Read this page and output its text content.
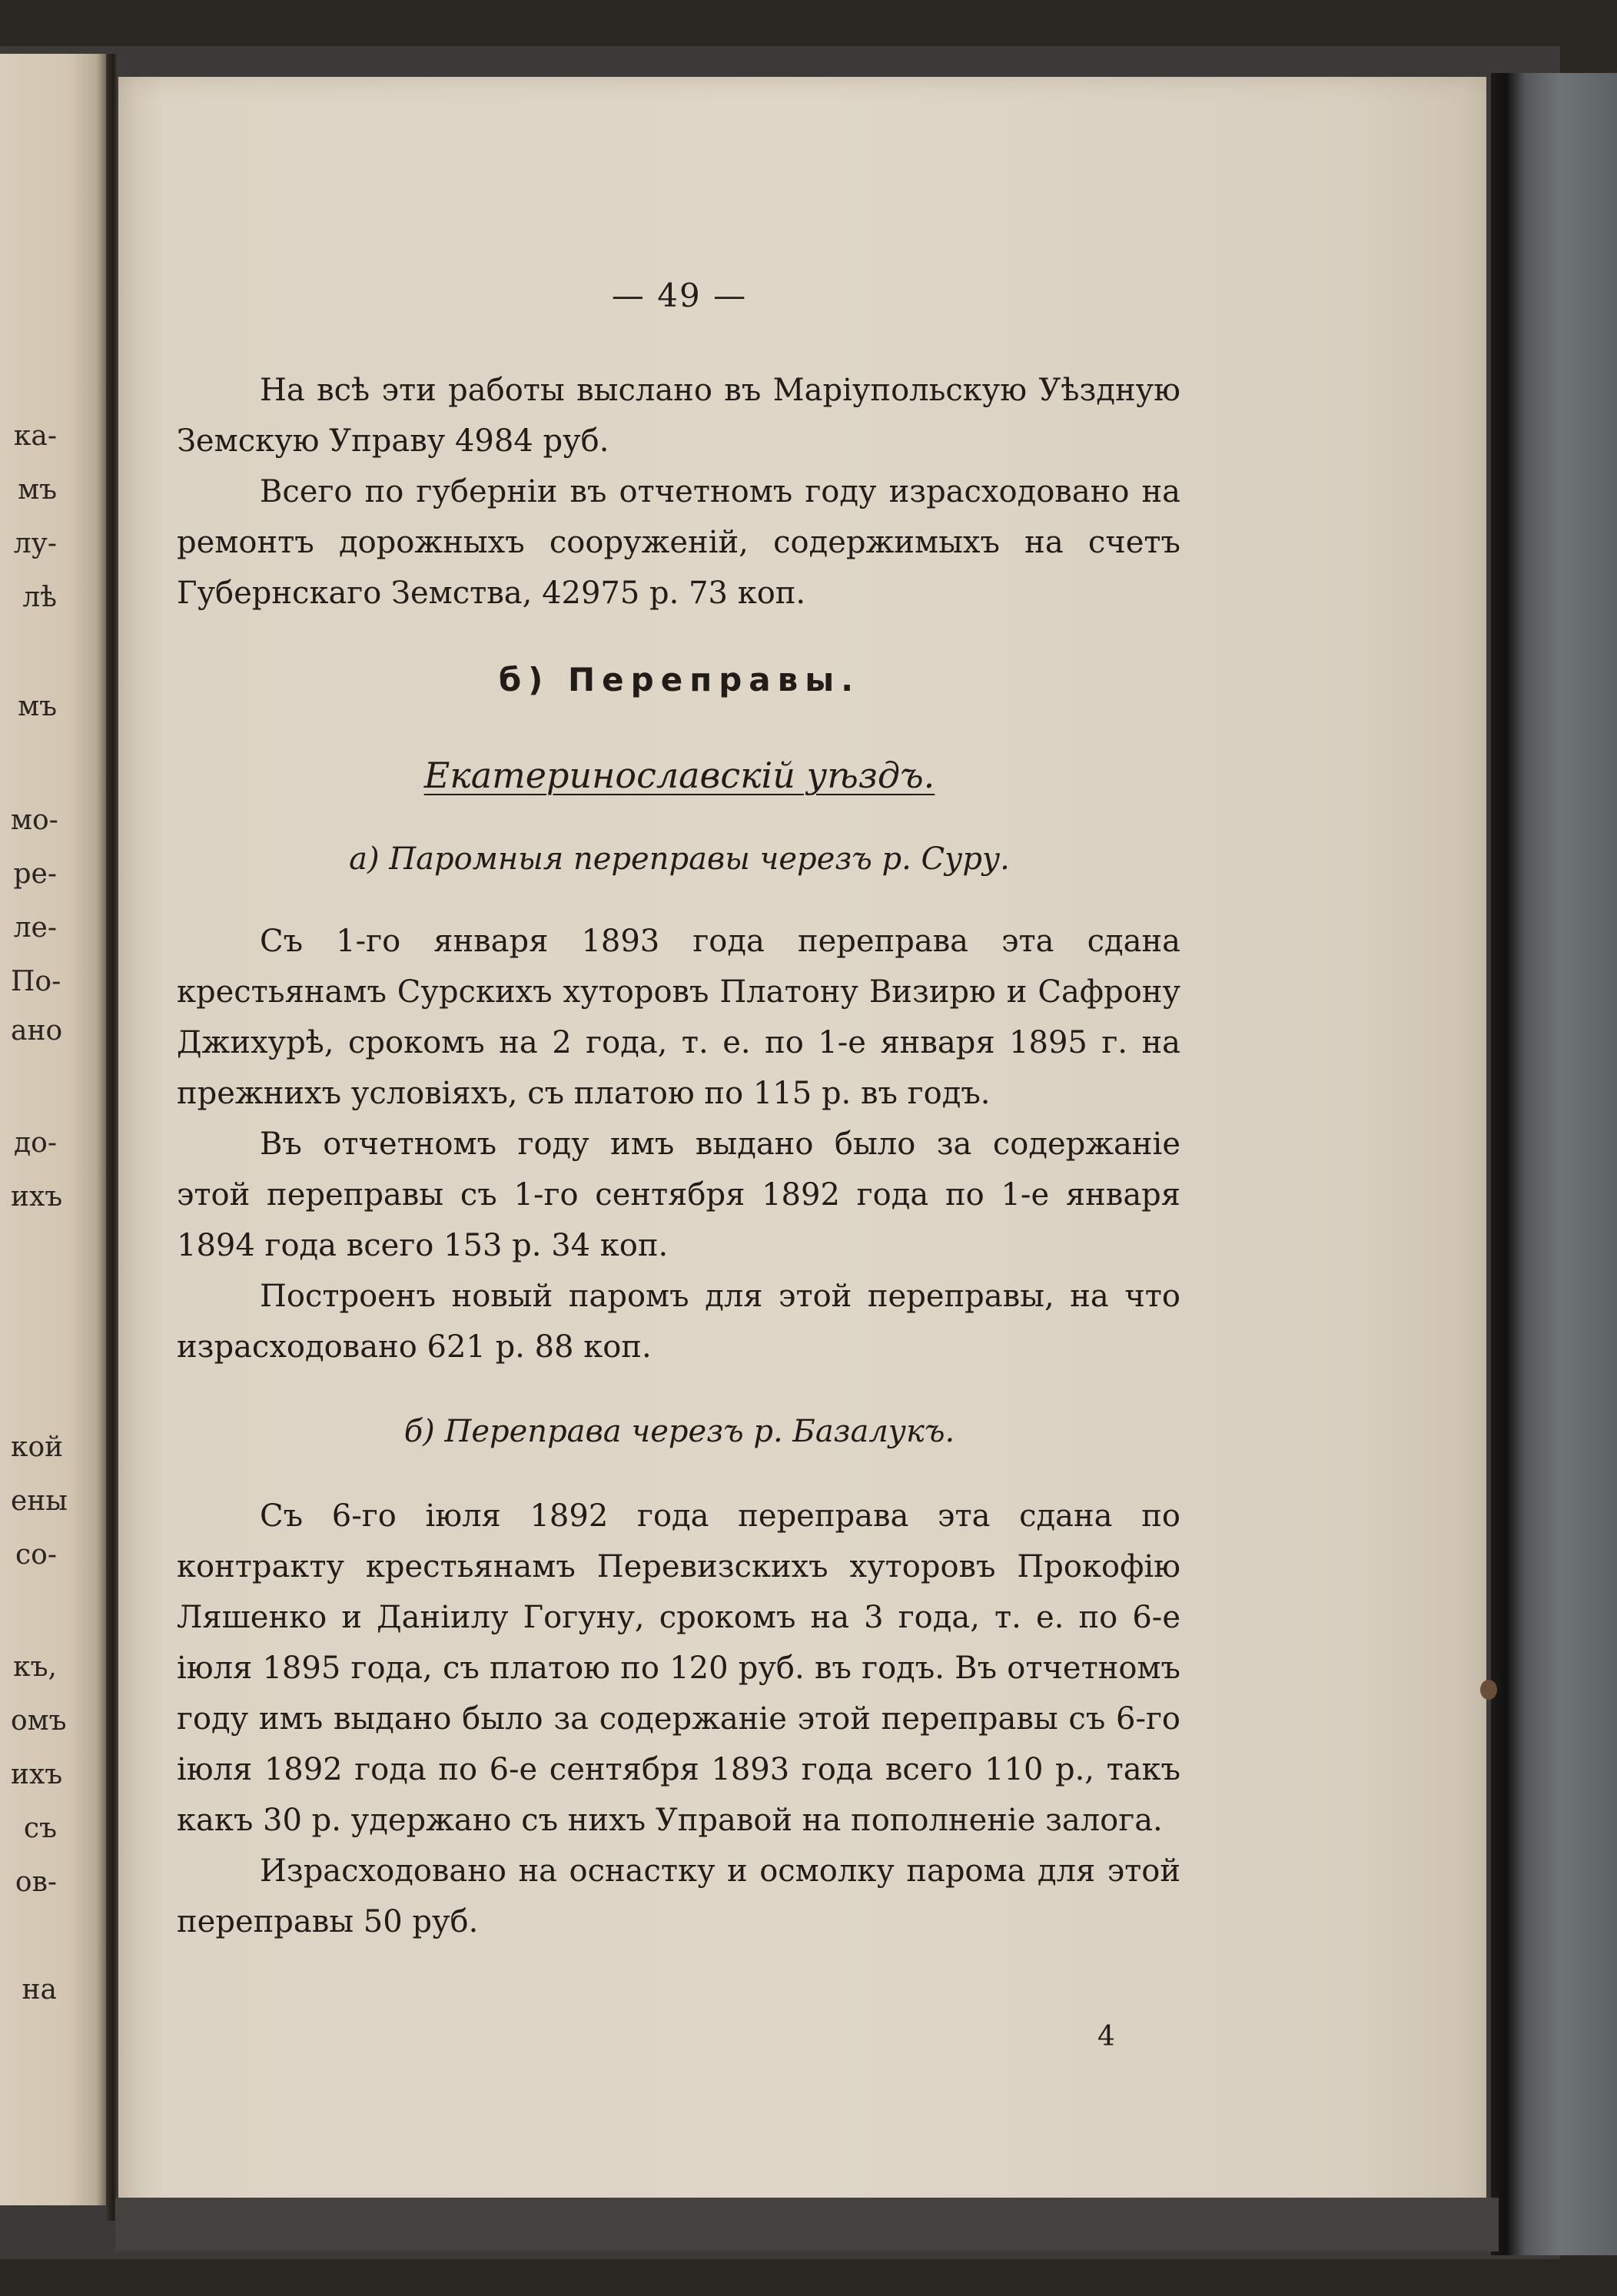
ка-
мъ
лу-
лѣ
мъ
мо-
ре-
ле-
По-
ано
до-
ихъ
кой
ены
со-
къ,
омъ
ихъ
съ
ов-
на
— 49 —

На всѣ эти работы выслано въ Маріупольскую Уѣздную Земскую Управу 4984 руб.

Всего по губерніи въ отчетномъ году израсходовано на ремонтъ дорожныхъ сооруженій, содержимыхъ на счетъ Губернскаго Земства, 42975 р. 73 коп.

б) Переправы.
Екатеринославскій уѣздъ.
а) Паромныя переправы черезъ р. Суру.

Съ 1-го января 1893 года переправа эта сдана крестьянамъ Сурскихъ хуторовъ Платону Визирю и Сафрону Джихурѣ, срокомъ на 2 года, т. е. по 1-е января 1895 г. на прежнихъ условіяхъ, съ платою по 115 р. въ годъ.

Въ отчетномъ году имъ выдано было за содержаніе этой переправы съ 1-го сентября 1892 года по 1-е января 1894 года всего 153 р. 34 коп.

Построенъ новый паромъ для этой переправы, на что израсходовано 621 р. 88 коп.

б) Переправа черезъ р. Базалукъ.

Съ 6-го іюля 1892 года переправа эта сдана по контракту крестьянамъ Перевизскихъ хуторовъ Прокофію Ляшенко и Даніилу Гогуну, срокомъ на 3 года, т. е. по 6-е іюля 1895 года, съ платою по 120 руб. въ годъ. Въ отчетномъ году имъ выдано было за содержаніе этой переправы съ 6-го іюля 1892 года по 6-е сентября 1893 года всего 110 р., такъ какъ 30 р. удержано съ нихъ Управой на пополненіе залога.

Израсходовано на оснастку и осмолку парома для этой переправы 50 руб.

4
